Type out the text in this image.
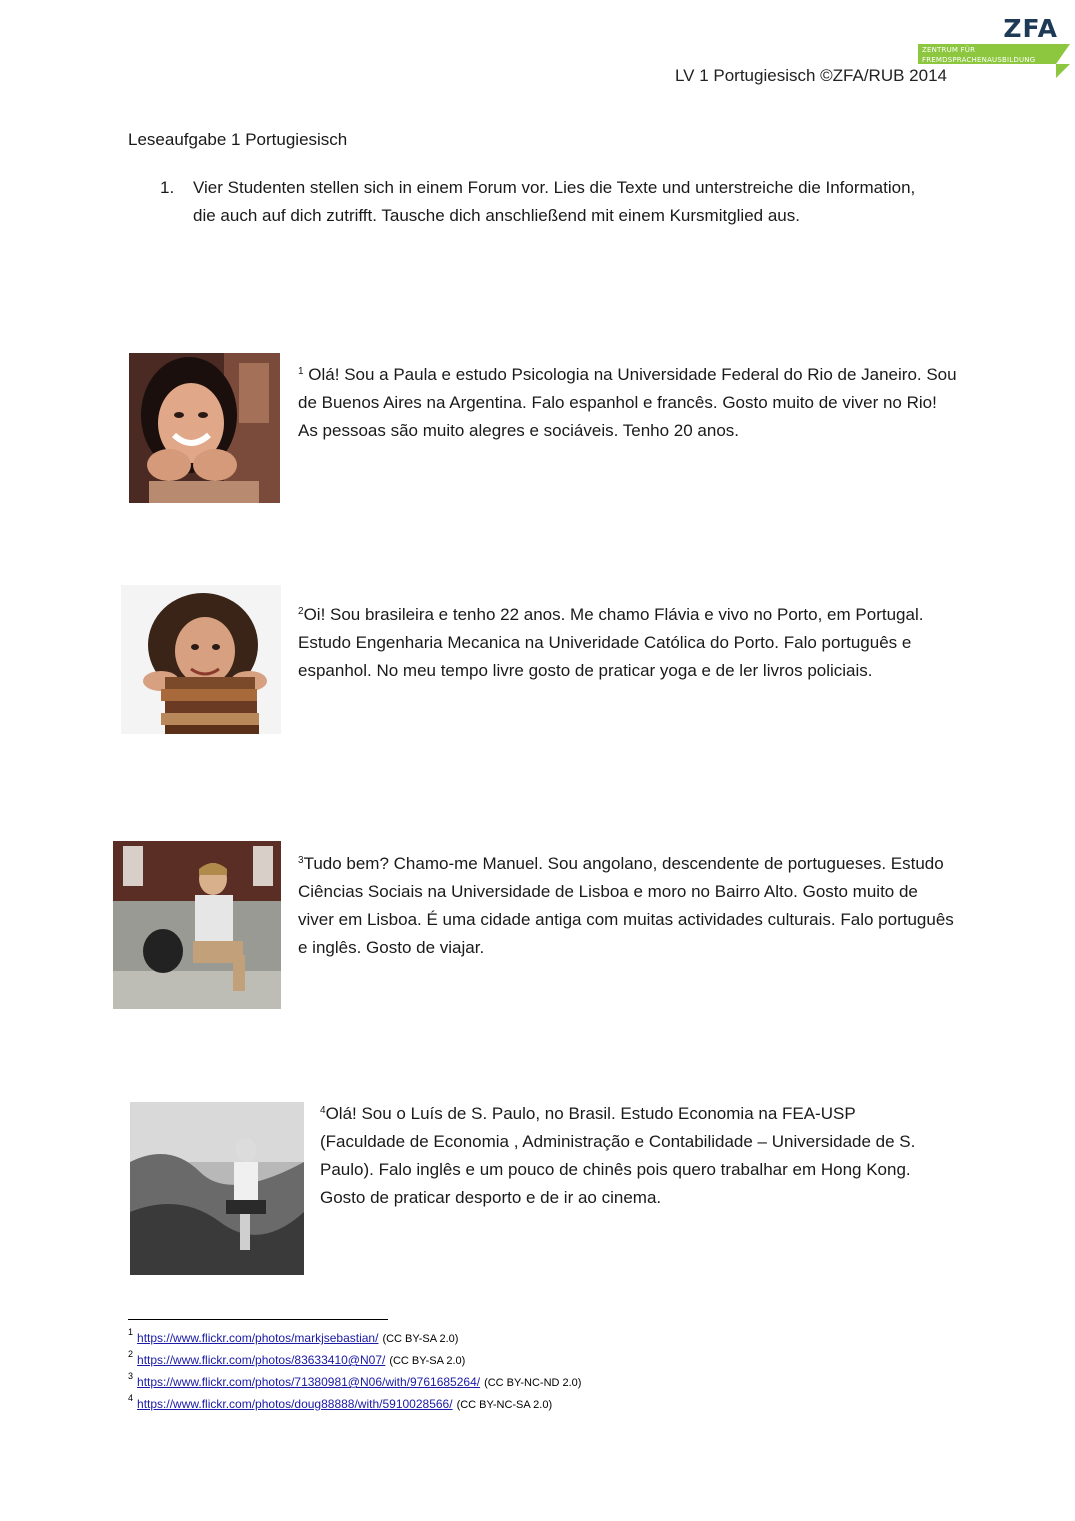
ZFA
ZENTRUM FÜR
FREMDSPRACHENAUSBILDUNG
LV 1 Portugiesisch ©ZFA/RUB 2014
Leseaufgabe 1 Portugiesisch
1. Vier Studenten stellen sich in einem Forum vor. Lies die Texte und unterstreiche die Information, die auch auf dich zutrifft. Tausche dich anschließend mit einem Kursmitglied aus.
$^1$ Olá! Sou a Paula e estudo Psicologia na Universidade Federal do Rio de Janeiro. Sou de Buenos Aires na Argentina. Falo espanhol e francês. Gosto muito de viver no Rio! As pessoas são muito alegres e sociáveis. Tenho 20 anos.
$^2$Oi! Sou brasileira e tenho 22 anos. Me chamo Flávia e vivo no Porto, em Portugal. Estudo Engenharia Mecanica na Univeridade Católica do Porto. Falo português e espanhol. No meu tempo livre gosto de praticar yoga e de ler livros policiais.
$^3$Tudo bem? Chamo-me Manuel. Sou angolano, descendente de portugueses. Estudo Ciências Sociais na Universidade de Lisboa e moro no Bairro Alto. Gosto muito de viver em Lisboa. É uma cidade antiga com muitas actividades culturais. Falo português e inglês. Gosto de viajar.
$^4$Olá! Sou o Luís de S. Paulo, no Brasil. Estudo Economia na FEA-USP (Faculdade de Economia , Administração e Contabilidade – Universidade de S. Paulo). Falo inglês e um pouco de chinês pois quero trabalhar em Hong Kong. Gosto de praticar desporto e de ir ao cinema.
$^1$ https://www.flickr.com/photos/markjsebastian/ (CC BY-SA 2.0)
$^2$ https://www.flickr.com/photos/83633410@N07/ (CC BY-SA 2.0)
$^3$ https://www.flickr.com/photos/71380981@N06/with/9761685264/ (CC BY-NC-ND 2.0)
$^4$ https://www.flickr.com/photos/doug88888/with/5910028566/ (CC BY-NC-SA 2.0)
